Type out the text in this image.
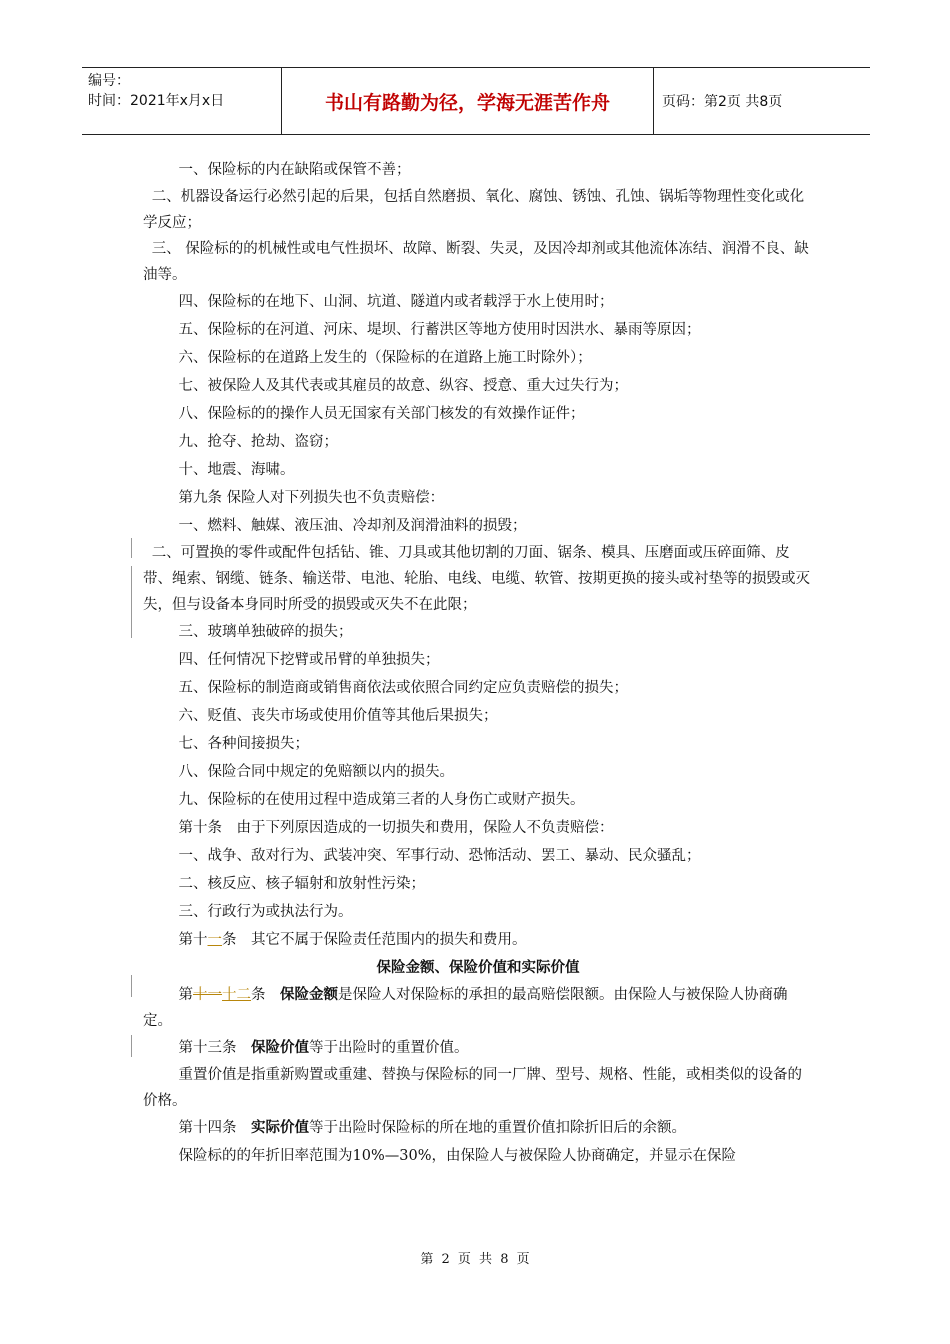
编号：
时间：2021年x月x日	书山有路勤为径，学海无涯苦作舟	页码：第2页 共8页

一、保险标的内在缺陷或保管不善；

二、机器设备运行必然引起的后果，包括自然磨损、氧化、腐蚀、锈蚀、孔蚀、锅垢等物理性变化或化学反应；

三、 保险标的的机械性或电气性损坏、故障、断裂、失灵，及因冷却剂或其他流体冻结、润滑不良、缺油等。

四、保险标的在地下、山洞、坑道、隧道内或者载浮于水上使用时；

五、保险标的在河道、河床、堤坝、行蓄洪区等地方使用时因洪水、暴雨等原因；

六、保险标的在道路上发生的（保险标的在道路上施工时除外）；

七、被保险人及其代表或其雇员的故意、纵容、授意、重大过失行为；

八、保险标的的操作人员无国家有关部门核发的有效操作证件；

九、抢夺、抢劫、盗窃；

十、地震、海啸。

第九条 保险人对下列损失也不负责赔偿：

一、燃料、触媒、液压油、冷却剂及润滑油料的损毁；

二、可置换的零件或配件包括钻、锥、刀具或其他切割的刀面、锯条、模具、压磨面或压碎面筛、皮带、绳索、钢缆、链条、输送带、电池、轮胎、电线、电缆、软管、按期更换的接头或衬垫等的损毁或灭失，但与设备本身同时所受的损毁或灭失不在此限；

三、玻璃单独破碎的损失；

四、任何情况下挖臂或吊臂的单独损失；

五、保险标的制造商或销售商依法或依照合同约定应负责赔偿的损失；

六、贬值、丧失市场或使用价值等其他后果损失；

七、各种间接损失；

八、保险合同中规定的免赔额以内的损失。

九、保险标的在使用过程中造成第三者的人身伤亡或财产损失。

第十条　由于下列原因造成的一切损失和费用，保险人不负责赔偿：

一、战争、敌对行为、武装冲突、军事行动、恐怖活动、罢工、暴动、民众骚乱；

二、核反应、核子辐射和放射性污染；

三、行政行为或执法行为。

第十一条　其它不属于保险责任范围内的损失和费用。

保险金额、保险价值和实际价值

第十一十二条　保险金额是保险人对保险标的承担的最高赔偿限额。由保险人与被保险人协商确定。

第十三条　保险价值等于出险时的重置价值。

重置价值是指重新购置或重建、替换与保险标的同一厂牌、型号、规格、性能，或相类似的设备的价格。

第十四条　实际价值等于出险时保险标的所在地的重置价值扣除折旧后的余额。

保险标的的年折旧率范围为10%—30%，由保险人与被保险人协商确定，并显示在保险

第 2 页 共 8 页
